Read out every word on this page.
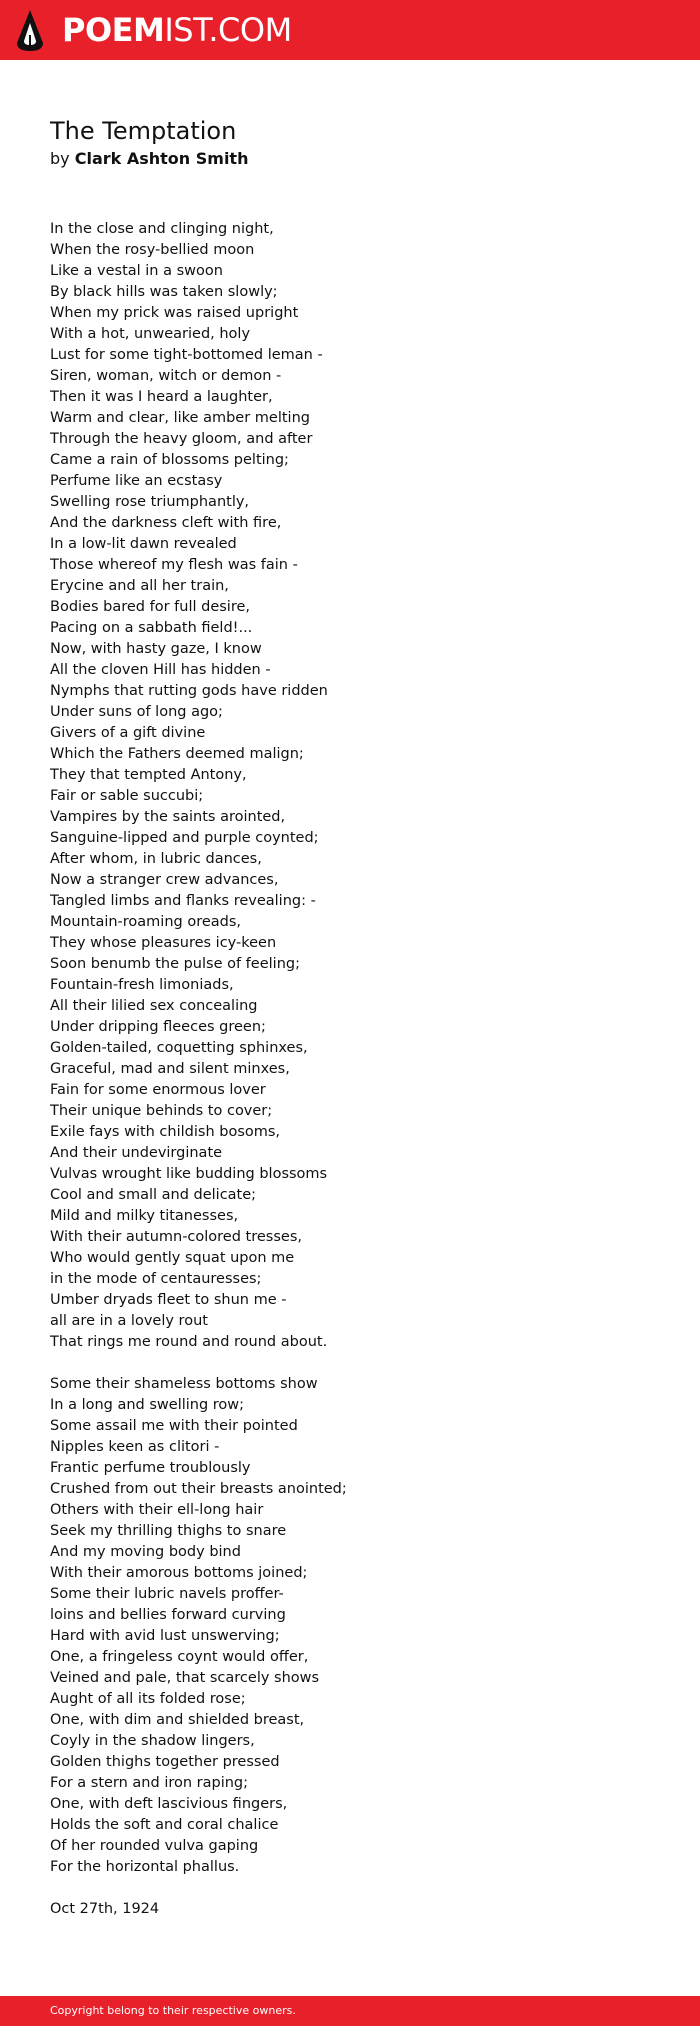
POEMIST.COM
The Temptation
by Clark Ashton Smith
In the close and clinging night,
When the rosy-bellied moon
Like a vestal in a swoon
By black hills was taken slowly;
When my prick was raised upright
With a hot, unwearied, holy
Lust for some tight-bottomed leman -
Siren, woman, witch or demon -
Then it was I heard a laughter,
Warm and clear, like amber melting
Through the heavy gloom, and after
Came a rain of blossoms pelting;
Perfume like an ecstasy
Swelling rose triumphantly,
And the darkness cleft with fire,
In a low-lit dawn revealed
Those whereof my flesh was fain -
Erycine and all her train,
Bodies bared for full desire,
Pacing on a sabbath field!...
Now, with hasty gaze, I know
All the cloven Hill has hidden -
Nymphs that rutting gods have ridden
Under suns of long ago;
Givers of a gift divine
Which the Fathers deemed malign;
They that tempted Antony,
Fair or sable succubi;
Vampires by the saints arointed,
Sanguine-lipped and purple coynted;
After whom, in lubric dances,
Now a stranger crew advances,
Tangled limbs and flanks revealing: -
Mountain-roaming oreads,
They whose pleasures icy-keen
Soon benumb the pulse of feeling;
Fountain-fresh limoniads,
All their lilied sex concealing
Under dripping fleeces green;
Golden-tailed, coquetting sphinxes,
Graceful, mad and silent minxes,
Fain for some enormous lover
Their unique behinds to cover;
Exile fays with childish bosoms,
And their undevirginate
Vulvas wrought like budding blossoms
Cool and small and delicate;
Mild and milky titanesses,
With their autumn-colored tresses,
Who would gently squat upon me
in the mode of centauresses;
Umber dryads fleet to shun me -
all are in a lovely rout
That rings me round and round about.
Some their shameless bottoms show
In a long and swelling row;
Some assail me with their pointed
Nipples keen as clitori -
Frantic perfume troublously
Crushed from out their breasts anointed;
Others with their ell-long hair
Seek my thrilling thighs to snare
And my moving body bind
With their amorous bottoms joined;
Some their lubric navels proffer-
loins and bellies forward curving
Hard with avid lust unswerving;
One, a fringeless coynt would offer,
Veined and pale, that scarcely shows
Aught of all its folded rose;
One, with dim and shielded breast,
Coyly in the shadow lingers,
Golden thighs together pressed
For a stern and iron raping;
One, with deft lascivious fingers,
Holds the soft and coral chalice
Of her rounded vulva gaping
For the horizontal phallus.
Oct 27th, 1924
Copyright belong to their respective owners.
